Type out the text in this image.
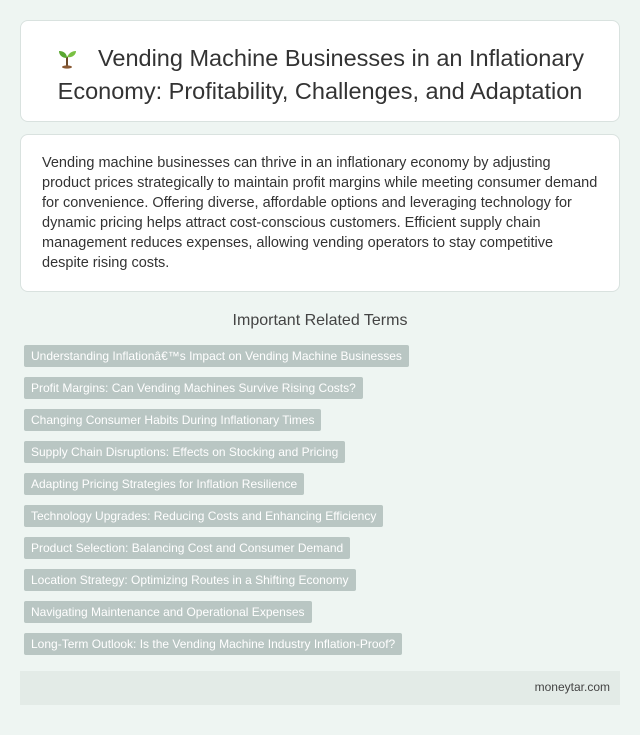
Vending Machine Businesses in an Inflationary Economy: Profitability, Challenges, and Adaptation

Vending machine businesses can thrive in an inflationary economy by adjusting product prices strategically to maintain profit margins while meeting consumer demand for convenience. Offering diverse, affordable options and leveraging technology for dynamic pricing helps attract cost-conscious customers. Efficient supply chain management reduces expenses, allowing vending operators to stay competitive despite rising costs.

Important Related Terms
Understanding Inflationâ€™s Impact on Vending Machine Businesses
Profit Margins: Can Vending Machines Survive Rising Costs?
Changing Consumer Habits During Inflationary Times
Supply Chain Disruptions: Effects on Stocking and Pricing
Adapting Pricing Strategies for Inflation Resilience
Technology Upgrades: Reducing Costs and Enhancing Efficiency
Product Selection: Balancing Cost and Consumer Demand
Location Strategy: Optimizing Routes in a Shifting Economy
Navigating Maintenance and Operational Expenses
Long-Term Outlook: Is the Vending Machine Industry Inflation-Proof?
moneytar.com
